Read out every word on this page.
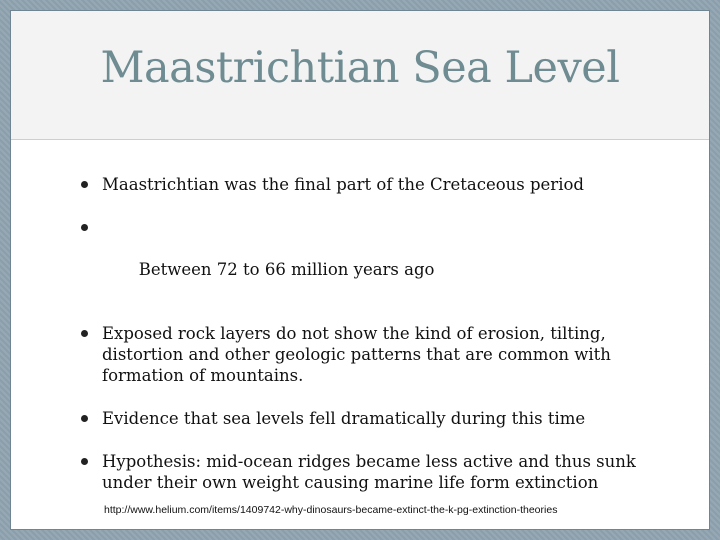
Maastrichtian Sea Level
Maastrichtian was the final part of the Cretaceous period

Between 72 to 66 million years ago

Exposed rock layers do not show the kind of erosion, tilting, distortion and other geologic patterns that are common with formation of mountains.
Evidence that sea levels fell dramatically during this time
Hypothesis: mid-ocean ridges became less active and thus sunk under their own weight causing marine life form extinction
http://www.helium.com/items/1409742-why-dinosaurs-became-extinct-the-k-pg-extinction-theories
